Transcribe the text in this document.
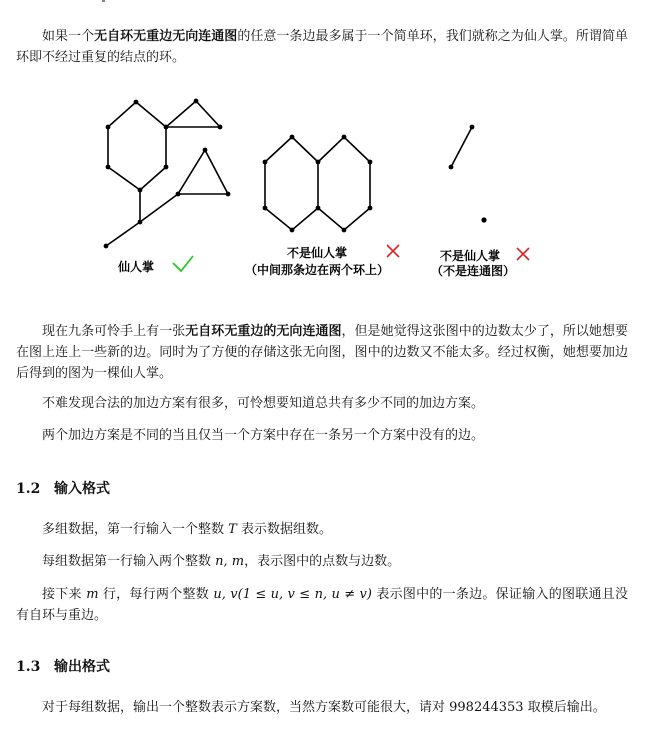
如果一个无自环无重边无向连通图的任意一条边最多属于一个简单环，我们就称之为仙人掌。所谓简单环即不经过重复的结点的环。

仙人掌
不是仙人掌
（中间那条边在两个环上）
不是仙人掌
（不是连通图）

现在九条可怜手上有一张无自环无重边的无向连通图，但是她觉得这张图中的边数太少了，所以她想要在图上连上一些新的边。同时为了方便的存储这张无向图，图中的边数又不能太多。经过权衡，她想要加边后得到的图为一棵仙人掌。

不难发现合法的加边方案有很多，可怜想要知道总共有多少不同的加边方案。

两个加边方案是不同的当且仅当一个方案中存在一条另一个方案中没有的边。

1.2 输入格式

多组数据，第一行输入一个整数 T 表示数据组数。

每组数据第一行输入两个整数 n, m，表示图中的点数与边数。

接下来 m 行，每行两个整数 u, v(1 ≤ u, v ≤ n, u ≠ v) 表示图中的一条边。保证输入的图联通且没有自环与重边。

1.3 输出格式

对于每组数据，输出一个整数表示方案数，当然方案数可能很大，请对 998244353 取模后输出。
